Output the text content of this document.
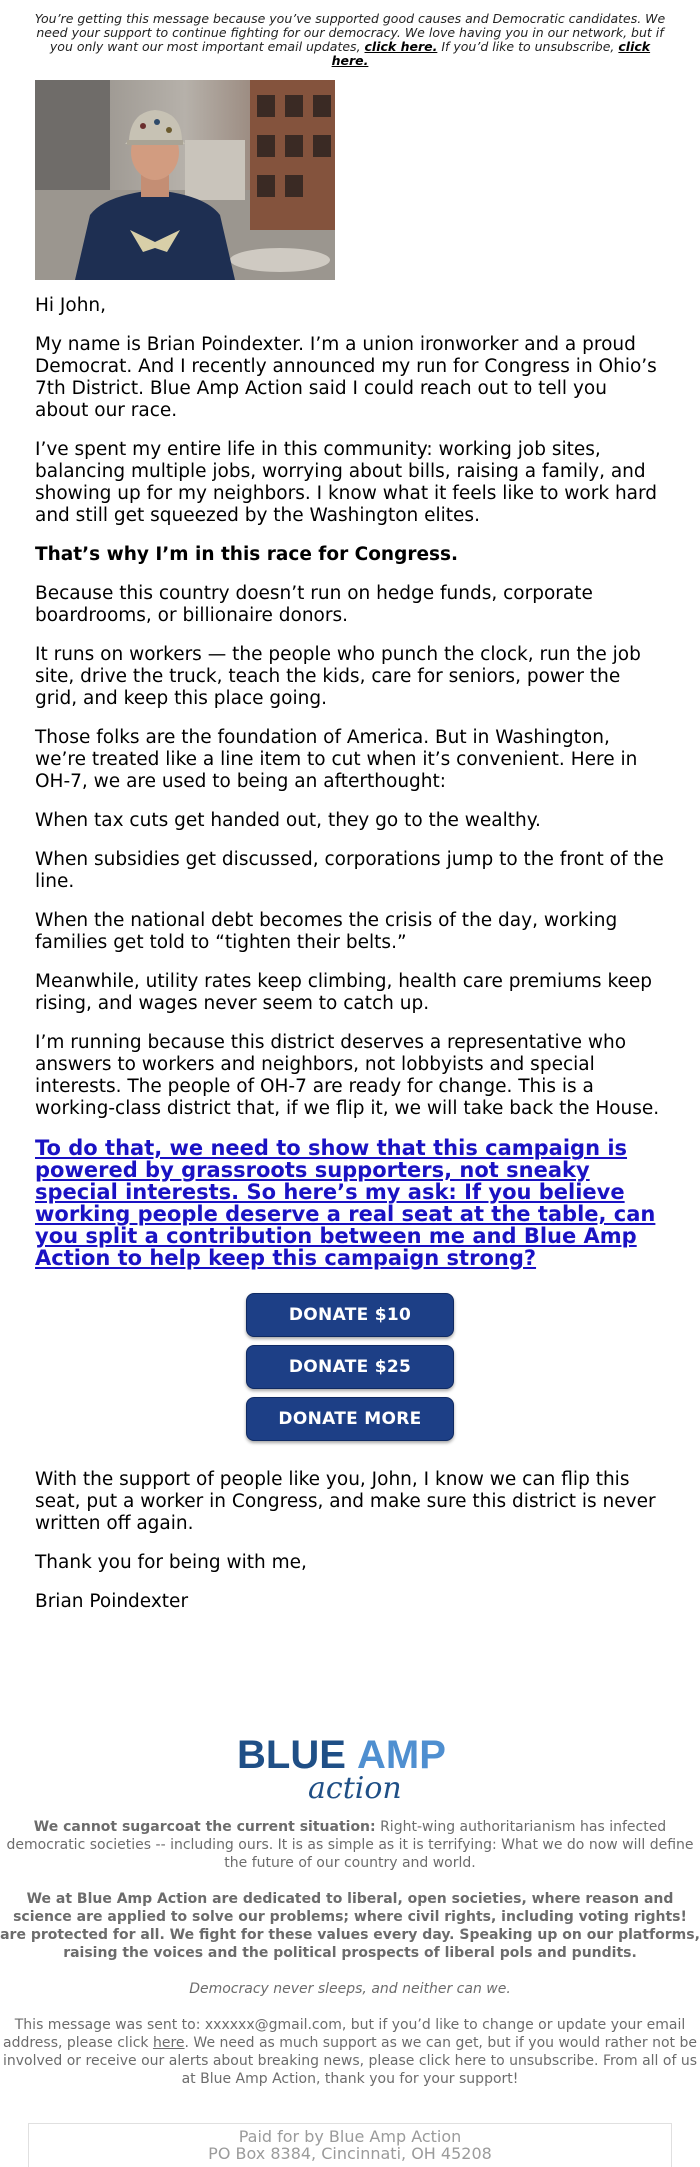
You’re getting this message because you’ve supported good causes and Democratic candidates. We need your support to continue fighting for our democracy. We love having you in our network, but if you only want our most important email updates, click here. If you’d like to unsubscribe, click here.

Hi John,

My name is Brian Poindexter. I’m a union ironworker and a proud Democrat. And I recently announced my run for Congress in Ohio’s 7th District. Blue Amp Action said I could reach out to tell you about our race.

I’ve spent my entire life in this community: working job sites, balancing multiple jobs, worrying about bills, raising a family, and showing up for my neighbors. I know what it feels like to work hard and still get squeezed by the Washington elites.

That’s why I’m in this race for Congress.

Because this country doesn’t run on hedge funds, corporate boardrooms, or billionaire donors.

It runs on workers — the people who punch the clock, run the job site, drive the truck, teach the kids, care for seniors, power the grid, and keep this place going.

Those folks are the foundation of America. But in Washington, we’re treated like a line item to cut when it’s convenient. Here in OH-7, we are used to being an afterthought:

When tax cuts get handed out, they go to the wealthy.

When subsidies get discussed, corporations jump to the front of the line.

When the national debt becomes the crisis of the day, working families get told to “tighten their belts.”

Meanwhile, utility rates keep climbing, health care premiums keep rising, and wages never seem to catch up.

I’m running because this district deserves a representative who answers to workers and neighbors, not lobbyists and special interests. The people of OH-7 are ready for change. This is a working-class district that, if we flip it, we will take back the House.

To do that, we need to show that this campaign is powered by grassroots supporters, not sneaky special interests. So here’s my ask: If you believe working people deserve a real seat at the table, can you split a contribution between me and Blue Amp Action to help keep this campaign strong?
DONATE $10
DONATE $25
DONATE MORE

With the support of people like you, John, I know we can flip this seat, put a worker in Congress, and make sure this district is never written off again.

Thank you for being with me,

Brian Poindexter

BLUE AMP
action

We cannot sugarcoat the current situation: Right-wing authoritarianism has infected democratic societies -- including ours. It is as simple as it is terrifying: What we do now will define the future of our country and world.

We at Blue Amp Action are dedicated to liberal, open societies, where reason and science are applied to solve our problems; where civil rights, including voting rights! are protected for all. We fight for these values every day. Speaking up on our platforms, raising the voices and the political prospects of liberal pols and pundits.

Democracy never sleeps, and neither can we.

This message was sent to: xxxxxx@gmail.com, but if you’d like to change or update your email address, please click here. We need as much support as we can get, but if you would rather not be involved or receive our alerts about breaking news, please click here to unsubscribe. From all of us at Blue Amp Action, thank you for your support!

Paid for by Blue Amp Action
PO Box 8384, Cincinnati, OH 45208
